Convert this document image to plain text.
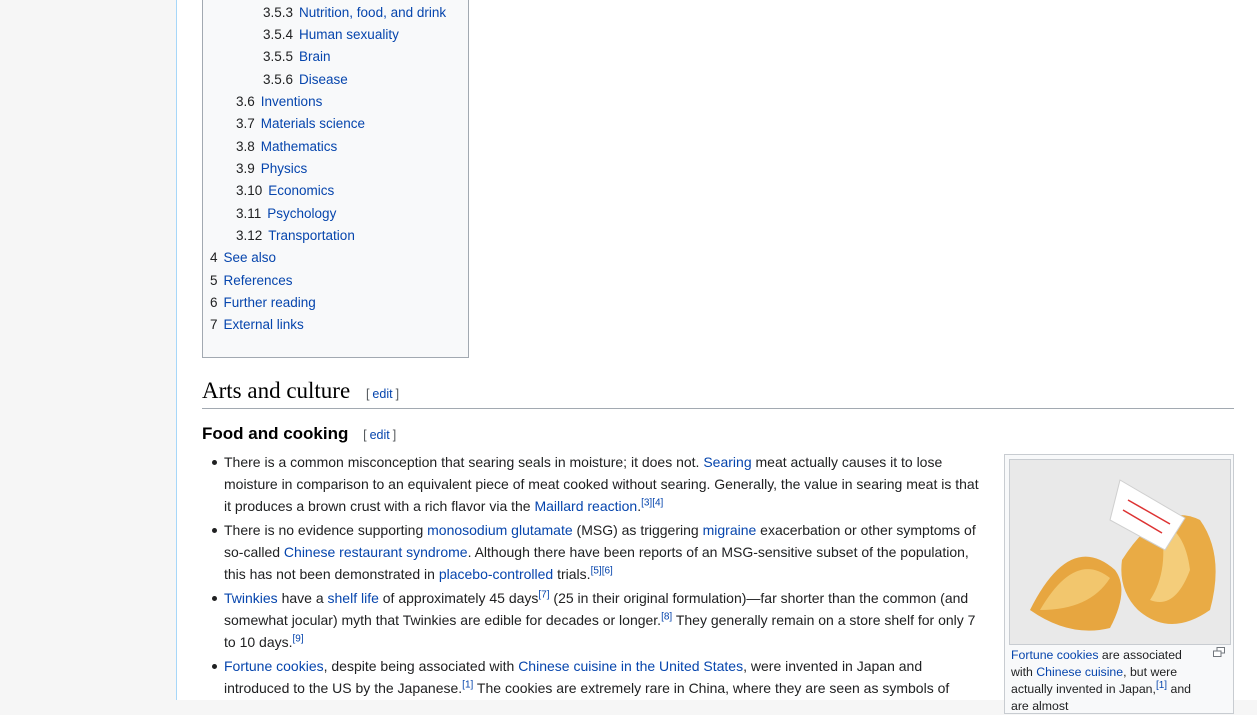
3.5.3 Nutrition, food, and drink
3.5.4 Human sexuality
3.5.5 Brain
3.5.6 Disease
3.6 Inventions
3.7 Materials science
3.8 Mathematics
3.9 Physics
3.10 Economics
3.11 Psychology
3.12 Transportation
4 See also
5 References
6 Further reading
7 External links
Arts and culture [ edit ]
Food and cooking [ edit ]
There is a common misconception that searing seals in moisture; it does not. Searing meat actually causes it to lose moisture in comparison to an equivalent piece of meat cooked without searing. Generally, the value in searing meat is that it produces a brown crust with a rich flavor via the Maillard reaction.[3][4]
There is no evidence supporting monosodium glutamate (MSG) as triggering migraine exacerbation or other symptoms of so-called Chinese restaurant syndrome. Although there have been reports of an MSG-sensitive subset of the population, this has not been demonstrated in placebo-controlled trials.[5][6]
Twinkies have a shelf life of approximately 45 days[7] (25 in their original formulation)—far shorter than the common (and somewhat jocular) myth that Twinkies are edible for decades or longer.[8] They generally remain on a store shelf for only 7 to 10 days.[9]
Fortune cookies, despite being associated with Chinese cuisine in the United States, were invented in Japan and introduced to the US by the Japanese.[1] The cookies are extremely rare in China, where they are seen as symbols of
Fortune cookies are associated with Chinese cuisine, but were actually invented in Japan,[1] and are almost
